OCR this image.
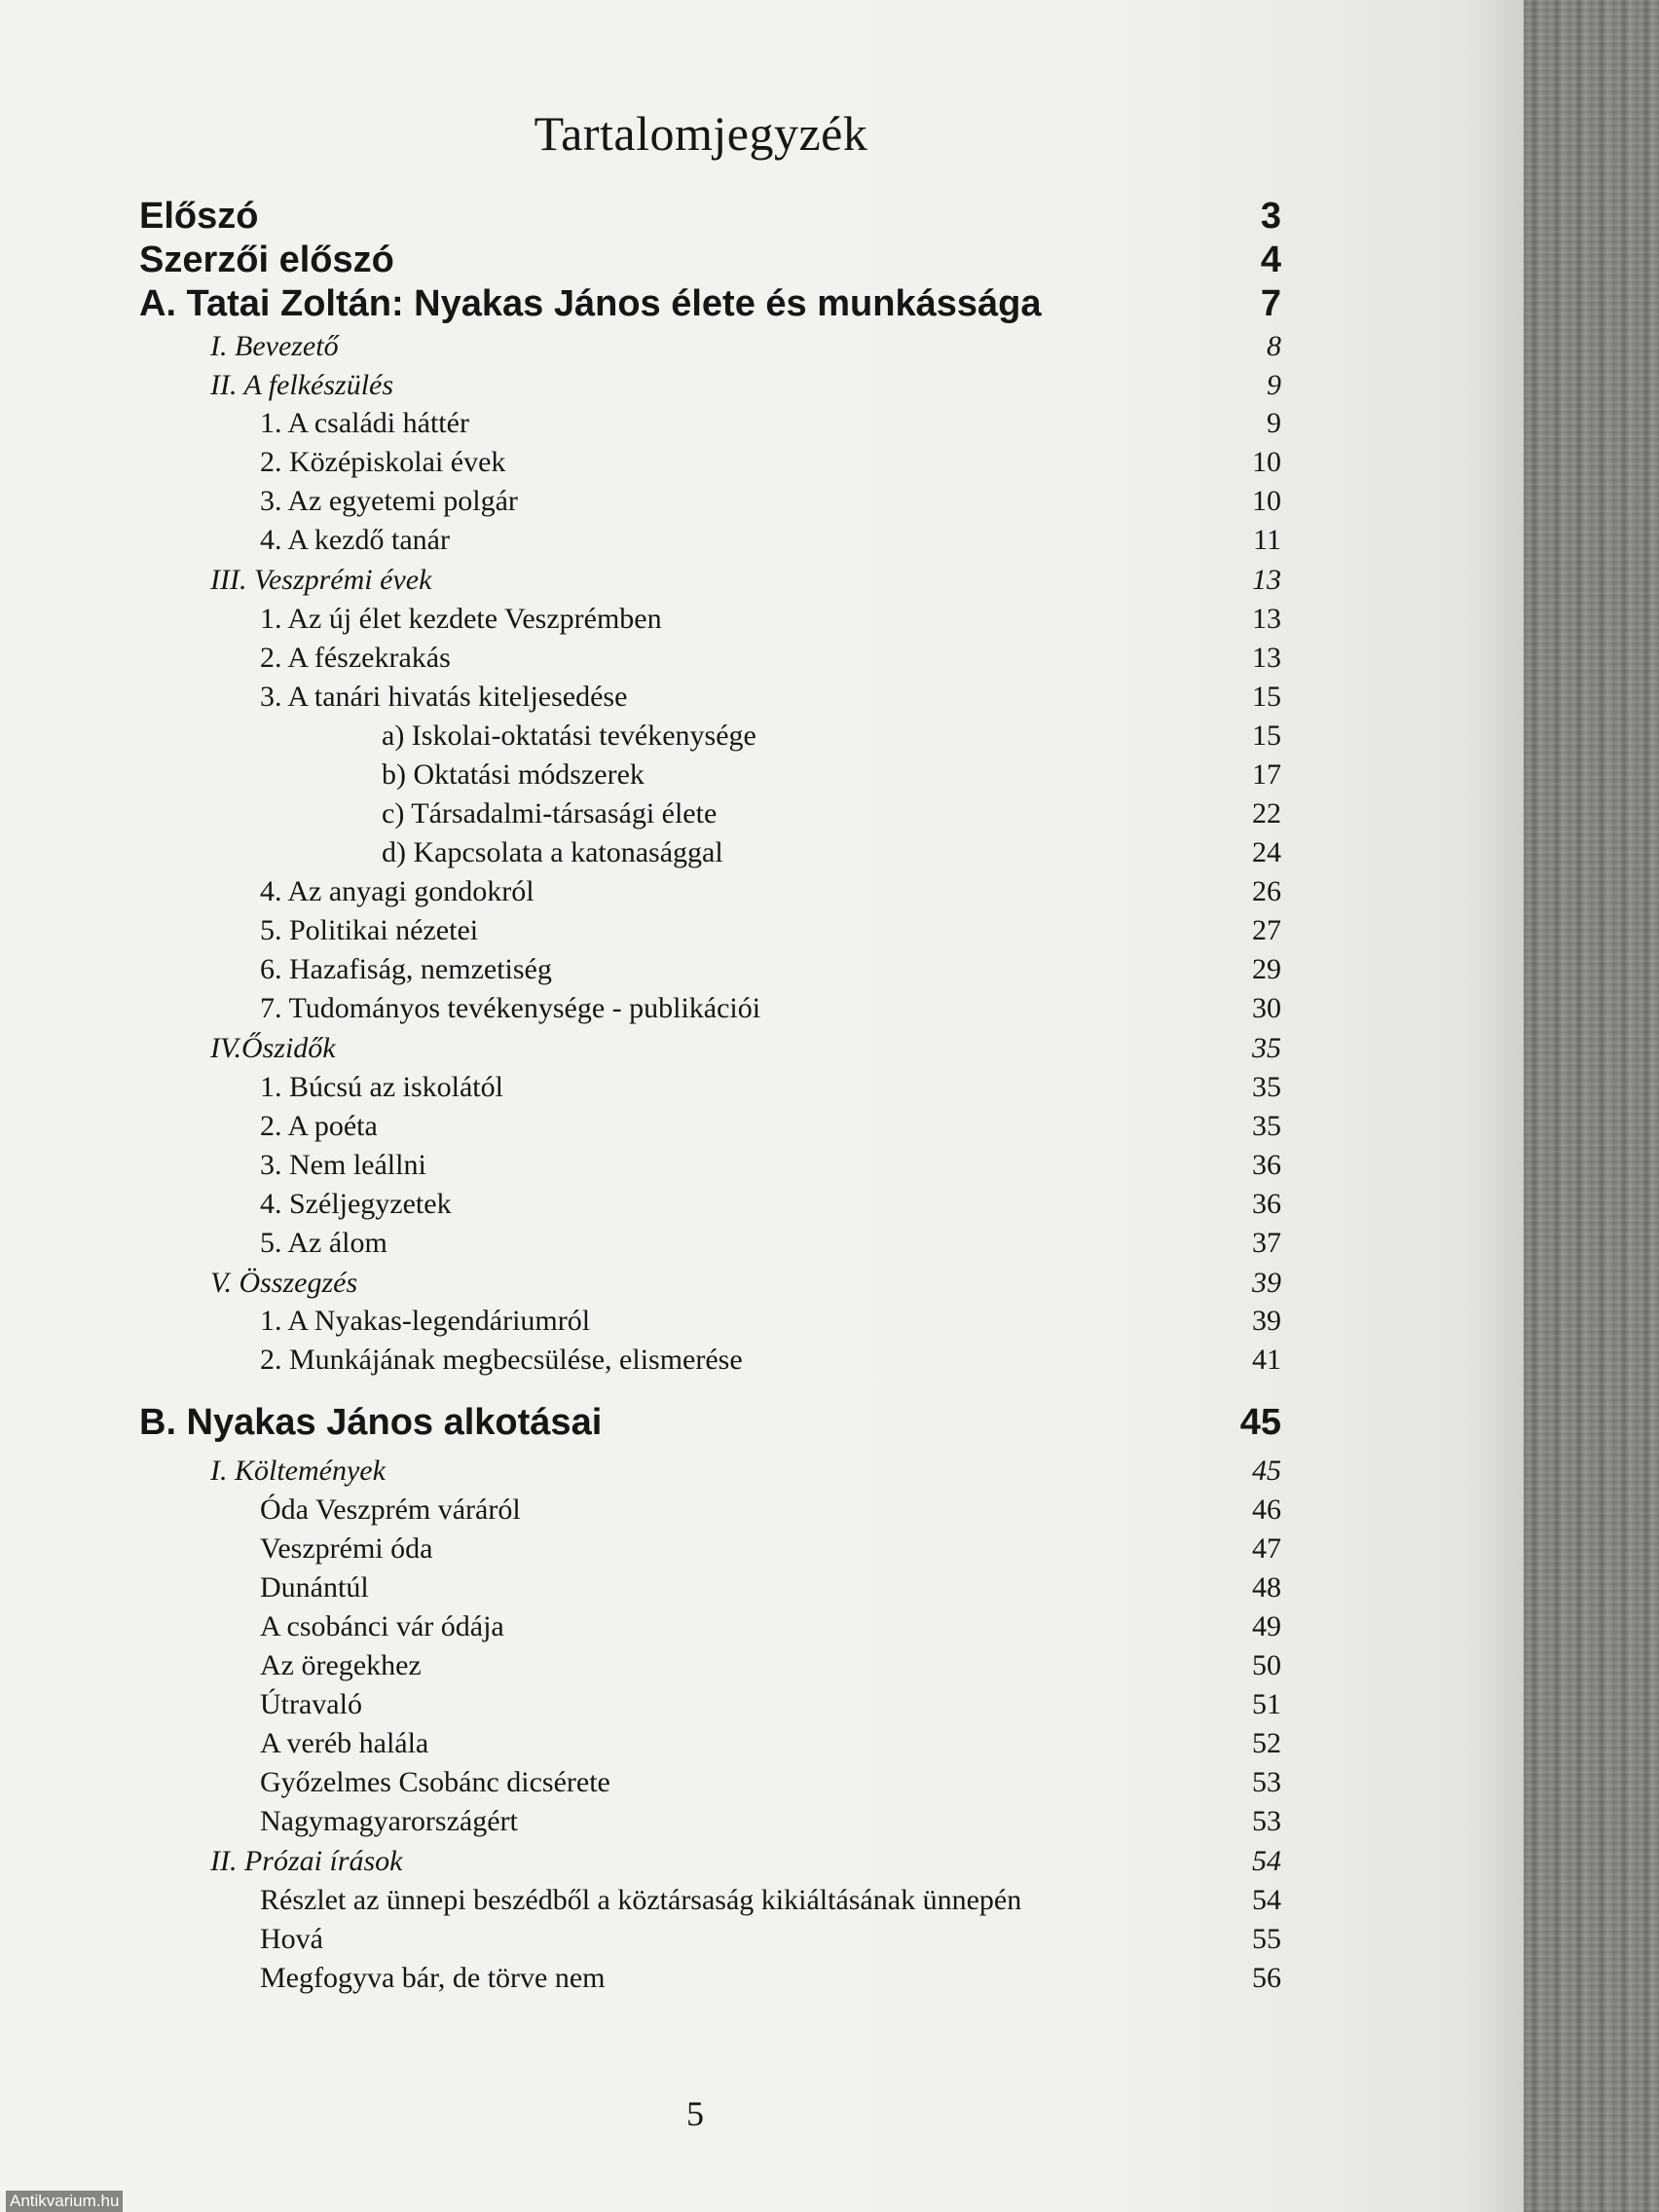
Tartalomjegyzék
Előszó	3
Szerzői előszó	4
A. Tatai Zoltán: Nyakas János élete és munkássága	7
I. Bevezető	8
II. A felkészülés	9
1. A családi háttér	9
2. Középiskolai évek	10
3. Az egyetemi polgár	10
4. A kezdő tanár	11
III. Veszprémi évek	13
1. Az új élet kezdete Veszprémben	13
2. A fészekrakás	13
3. A tanári hivatás kiteljesedése	15
a) Iskolai-oktatási tevékenysége	15
b) Oktatási módszerek	17
c) Társadalmi-társasági élete	22
d) Kapcsolata a katonasággal	24
4. Az anyagi gondokról	26
5. Politikai nézetei	27
6. Hazafiság, nemzetiség	29
7. Tudományos tevékenysége - publikációi	30
IV.Őszidők	35
1. Búcsú az iskolától	35
2. A poéta	35
3. Nem leállni	36
4. Széljegyzetek	36
5. Az álom	37
V. Összegzés	39
1. A Nyakas-legendáriumról	39
2. Munkájának megbecsülése, elismerése	41
B. Nyakas János alkotásai	45
I. Költemények	45
Óda Veszprém váráról	46
Veszprémi óda	47
Dunántúl	48
A csobánci vár ódája	49
Az öregekhez	50
Útravaló	51
A veréb halála	52
Győzelmes Csobánc dicsérete	53
Nagymagyarországért	53
II. Prózai írások	54
Részlet az ünnepi beszédből a köztársaság kikiáltásának ünnepén	54
Hová	55
Megfogyva bár, de törve nem	56
5
Antikvarium.hu
